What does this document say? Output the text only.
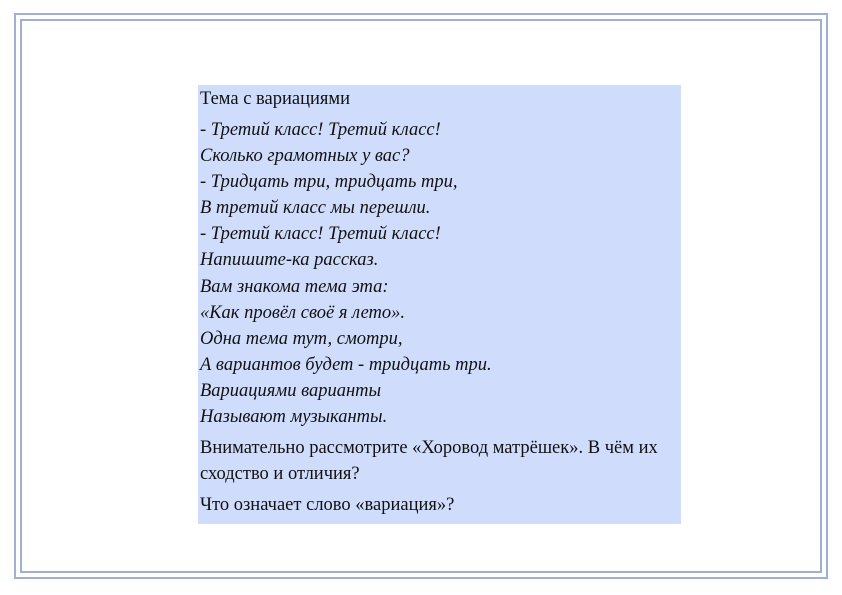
Тема с вариациями
- Третий класс! Третий класс!
Сколько грамотных у вас?
- Тридцать три, тридцать три,
В третий класс мы перешли.
- Третий класс! Третий класс!
Напишите-ка рассказ.
Вам знакома тема эта:
«Как провёл своё я лето».
Одна тема тут, смотри,
А вариантов будет - тридцать три.
Вариациями варианты
Называют музыканты.
Внимательно рассмотрите «Хоровод матрёшек». В чём их сходство и отличия?
Что означает слово «вариация»?
